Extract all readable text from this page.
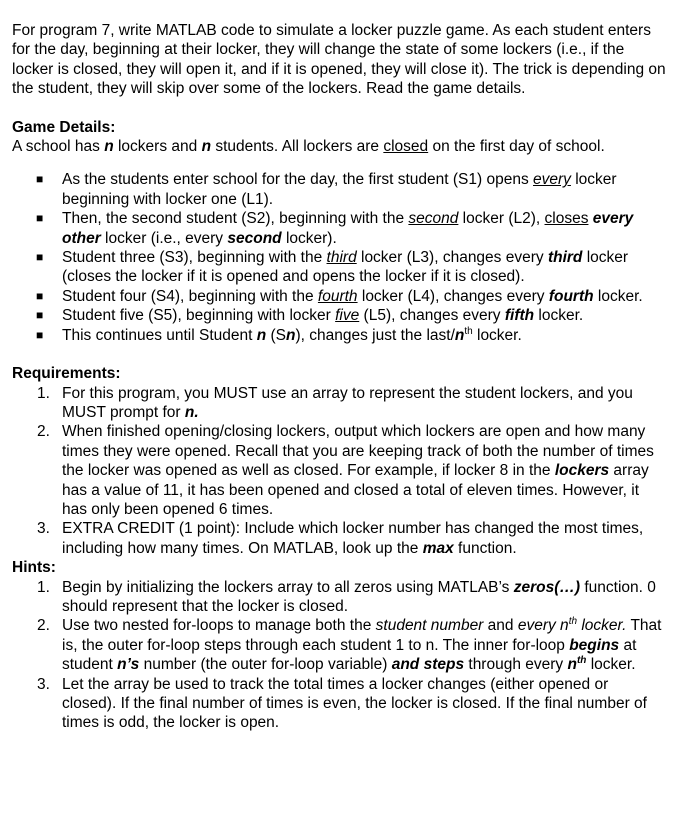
For program 7, write MATLAB code to simulate a locker puzzle game. As each student enters for the day, beginning at their locker, they will change the state of some lockers (i.e., if the locker is closed, they will open it, and if it is opened, they will close it). The trick is depending on the student, they will skip over some of the lockers. Read the game details.

Game Details:

A school has n lockers and n students. All lockers are closed on the first day of school.

■ As the students enter school for the day, the first student (S1) opens every locker beginning with locker one (L1).
■ Then, the second student (S2), beginning with the second locker (L2), closes every other locker (i.e., every second locker).
■ Student three (S3), beginning with the third locker (L3), changes every third locker (closes the locker if it is opened and opens the locker if it is closed).
■ Student four (S4), beginning with the fourth locker (L4), changes every fourth locker.
■ Student five (S5), beginning with locker five (L5), changes every fifth locker.
■ This continues until Student n (Sn), changes just the last/$n^{th}$ locker.

Requirements:

1. For this program, you MUST use an array to represent the student lockers, and you MUST prompt for n.
2. When finished opening/closing lockers, output which lockers are open and how many times they were opened. Recall that you are keeping track of both the number of times the locker was opened as well as closed. For example, if locker 8 in the lockers array has a value of 11, it has been opened and closed a total of eleven times. However, it has only been opened 6 times.
3. EXTRA CREDIT (1 point): Include which locker number has changed the most times, including how many times. On MATLAB, look up the max function.

Hints:

1. Begin by initializing the lockers array to all zeros using MATLAB’s zeros(…) function. 0 should represent that the locker is closed.
2. Use two nested for-loops to manage both the student number and every $n^{th}$ locker. That is, the outer for-loop steps through each student 1 to n. The inner for-loop begins at student n’s number (the outer for-loop variable) and steps through every $n^{th}$ locker.
3. Let the array be used to track the total times a locker changes (either opened or closed). If the final number of times is even, the locker is closed. If the final number of times is odd, the locker is open.
